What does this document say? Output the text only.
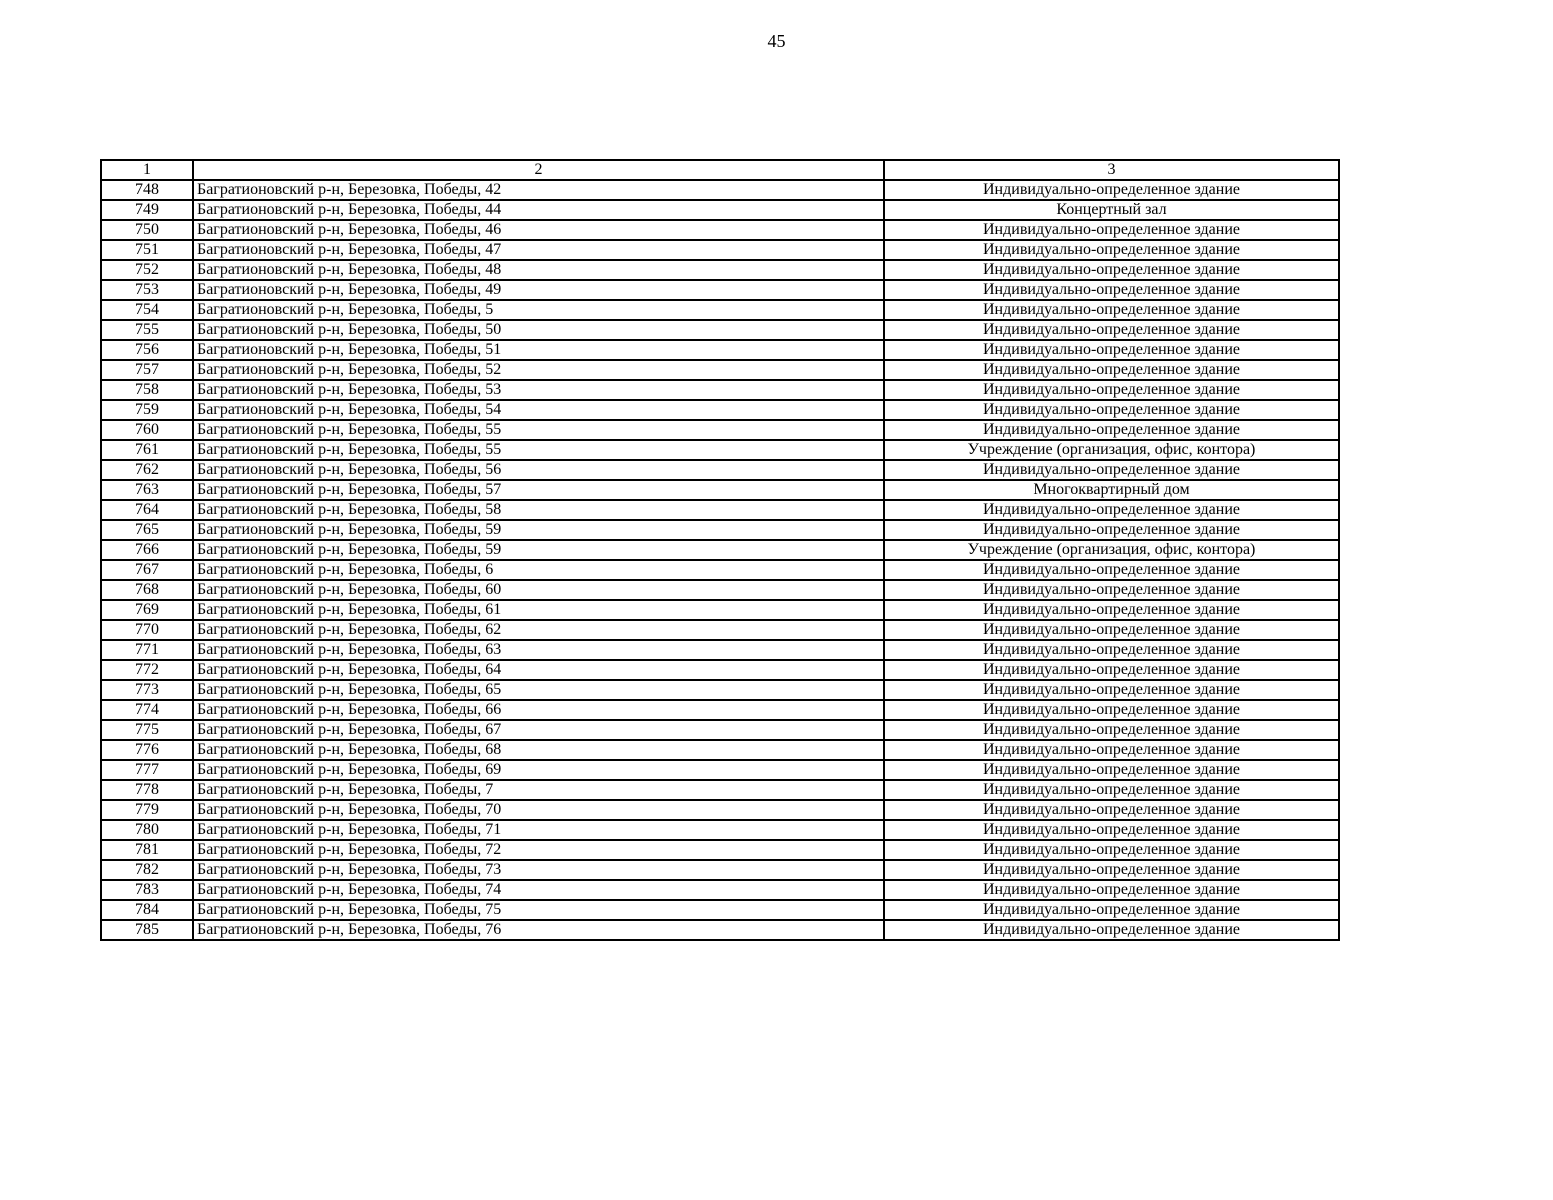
45
1	2	3
748	Багратионовский р-н, Березовка, Победы, 42	Индивидуально-определенное здание
749	Багратионовский р-н, Березовка, Победы, 44	Концертный зал
750	Багратионовский р-н, Березовка, Победы, 46	Индивидуально-определенное здание
751	Багратионовский р-н, Березовка, Победы, 47	Индивидуально-определенное здание
752	Багратионовский р-н, Березовка, Победы, 48	Индивидуально-определенное здание
753	Багратионовский р-н, Березовка, Победы, 49	Индивидуально-определенное здание
754	Багратионовский р-н, Березовка, Победы, 5	Индивидуально-определенное здание
755	Багратионовский р-н, Березовка, Победы, 50	Индивидуально-определенное здание
756	Багратионовский р-н, Березовка, Победы, 51	Индивидуально-определенное здание
757	Багратионовский р-н, Березовка, Победы, 52	Индивидуально-определенное здание
758	Багратионовский р-н, Березовка, Победы, 53	Индивидуально-определенное здание
759	Багратионовский р-н, Березовка, Победы, 54	Индивидуально-определенное здание
760	Багратионовский р-н, Березовка, Победы, 55	Индивидуально-определенное здание
761	Багратионовский р-н, Березовка, Победы, 55	Учреждение (организация, офис, контора)
762	Багратионовский р-н, Березовка, Победы, 56	Индивидуально-определенное здание
763	Багратионовский р-н, Березовка, Победы, 57	Многоквартирный дом
764	Багратионовский р-н, Березовка, Победы, 58	Индивидуально-определенное здание
765	Багратионовский р-н, Березовка, Победы, 59	Индивидуально-определенное здание
766	Багратионовский р-н, Березовка, Победы, 59	Учреждение (организация, офис, контора)
767	Багратионовский р-н, Березовка, Победы, 6	Индивидуально-определенное здание
768	Багратионовский р-н, Березовка, Победы, 60	Индивидуально-определенное здание
769	Багратионовский р-н, Березовка, Победы, 61	Индивидуально-определенное здание
770	Багратионовский р-н, Березовка, Победы, 62	Индивидуально-определенное здание
771	Багратионовский р-н, Березовка, Победы, 63	Индивидуально-определенное здание
772	Багратионовский р-н, Березовка, Победы, 64	Индивидуально-определенное здание
773	Багратионовский р-н, Березовка, Победы, 65	Индивидуально-определенное здание
774	Багратионовский р-н, Березовка, Победы, 66	Индивидуально-определенное здание
775	Багратионовский р-н, Березовка, Победы, 67	Индивидуально-определенное здание
776	Багратионовский р-н, Березовка, Победы, 68	Индивидуально-определенное здание
777	Багратионовский р-н, Березовка, Победы, 69	Индивидуально-определенное здание
778	Багратионовский р-н, Березовка, Победы, 7	Индивидуально-определенное здание
779	Багратионовский р-н, Березовка, Победы, 70	Индивидуально-определенное здание
780	Багратионовский р-н, Березовка, Победы, 71	Индивидуально-определенное здание
781	Багратионовский р-н, Березовка, Победы, 72	Индивидуально-определенное здание
782	Багратионовский р-н, Березовка, Победы, 73	Индивидуально-определенное здание
783	Багратионовский р-н, Березовка, Победы, 74	Индивидуально-определенное здание
784	Багратионовский р-н, Березовка, Победы, 75	Индивидуально-определенное здание
785	Багратионовский р-н, Березовка, Победы, 76	Индивидуально-определенное здание
